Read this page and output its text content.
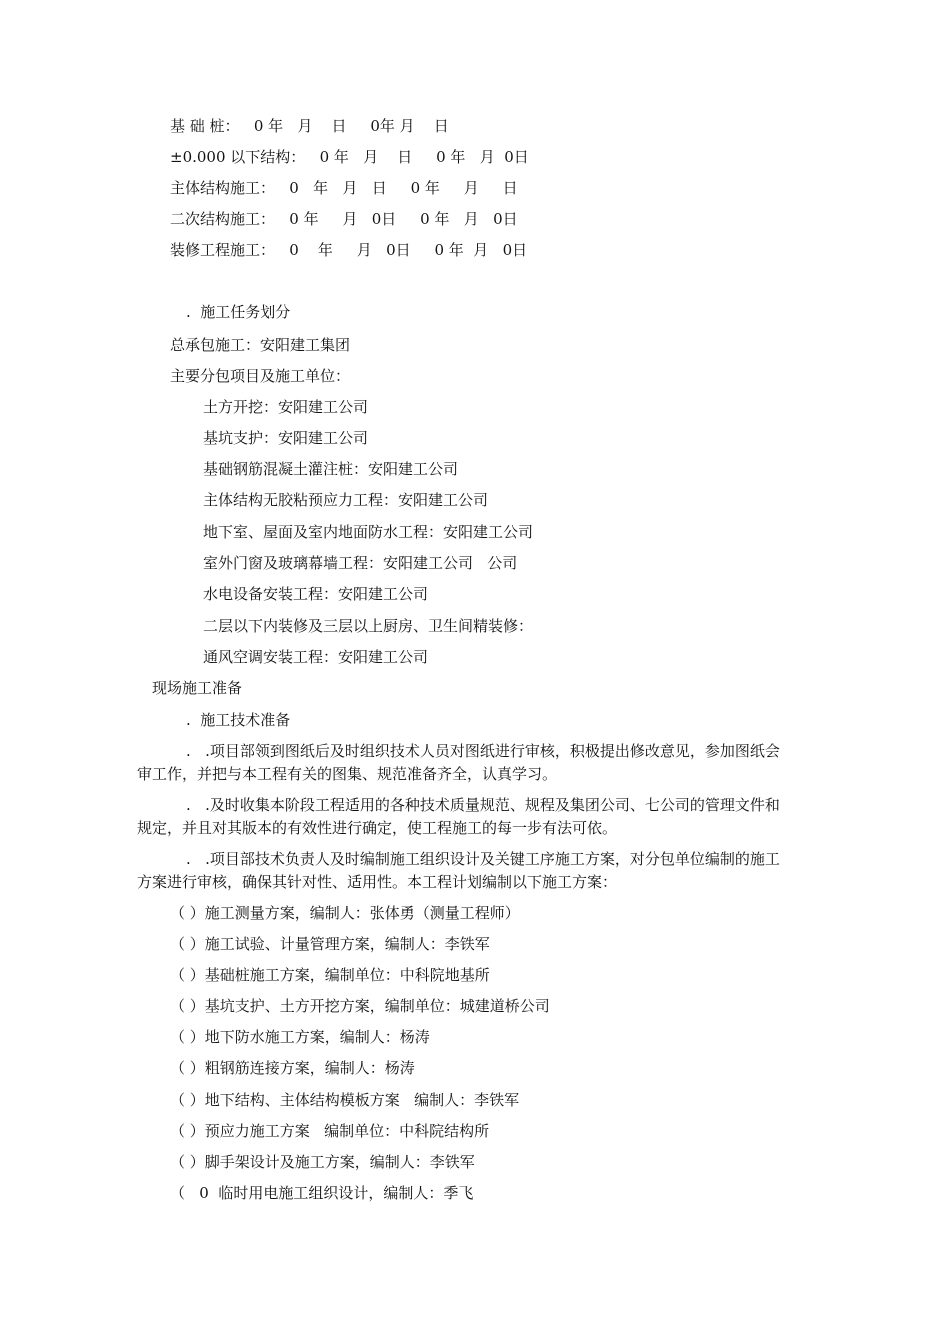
基 础 桩：   0 年   月    日     0年 月    日
±0.000 以下结构：   0 年   月    日     0 年   月  0日
主体结构施工：   0   年   月   日     0 年     月     日
二次结构施工：   0 年     月   0日     0 年   月   0日
装修工程施工：   0    年     月   0日     0 年  月   0日
.  施工任务划分
总承包施工：安阳建工集团
主要分包项目及施工单位：
土方开挖：安阳建工公司
基坑支护：安阳建工公司
基础钢筋混凝土灌注桩：安阳建工公司
主体结构无胶粘预应力工程：安阳建工公司
地下室、屋面及室内地面防水工程：安阳建工公司
室外门窗及玻璃幕墙工程：安阳建工公司   公司
水电设备安装工程：安阳建工公司
二层以下内装修及三层以上厨房、卫生间精装修：
通风空调安装工程：安阳建工公司
现场施工准备
.  施工技术准备
.   .项目部领到图纸后及时组织技术人员对图纸进行审核，积极提出修改意见，参加图纸会
审工作，并把与本工程有关的图集、规范准备齐全，认真学习。
.   .及时收集本阶段工程适用的各种技术质量规范、规程及集团公司、七公司的管理文件和
规定，并且对其版本的有效性进行确定，使工程施工的每一步有法可依。
.   .项目部技术负责人及时编制施工组织设计及关键工序施工方案，对分包单位编制的施工
方案进行审核，确保其针对性、适用性。本工程计划编制以下施工方案：
（ ）施工测量方案，编制人：张体勇（测量工程师）
（ ）施工试验、计量管理方案，编制人：李铁军
（ ）基础桩施工方案，编制单位：中科院地基所
（ ）基坑支护、土方开挖方案，编制单位：城建道桥公司
（ ）地下防水施工方案，编制人：杨涛
（ ）粗钢筋连接方案，编制人：杨涛
（ ）地下结构、主体结构模板方案   编制人：李铁军
（ ）预应力施工方案   编制单位：中科院结构所
（ ）脚手架设计及施工方案，编制人：李铁军
（   0  临时用电施工组织设计，编制人：季飞
